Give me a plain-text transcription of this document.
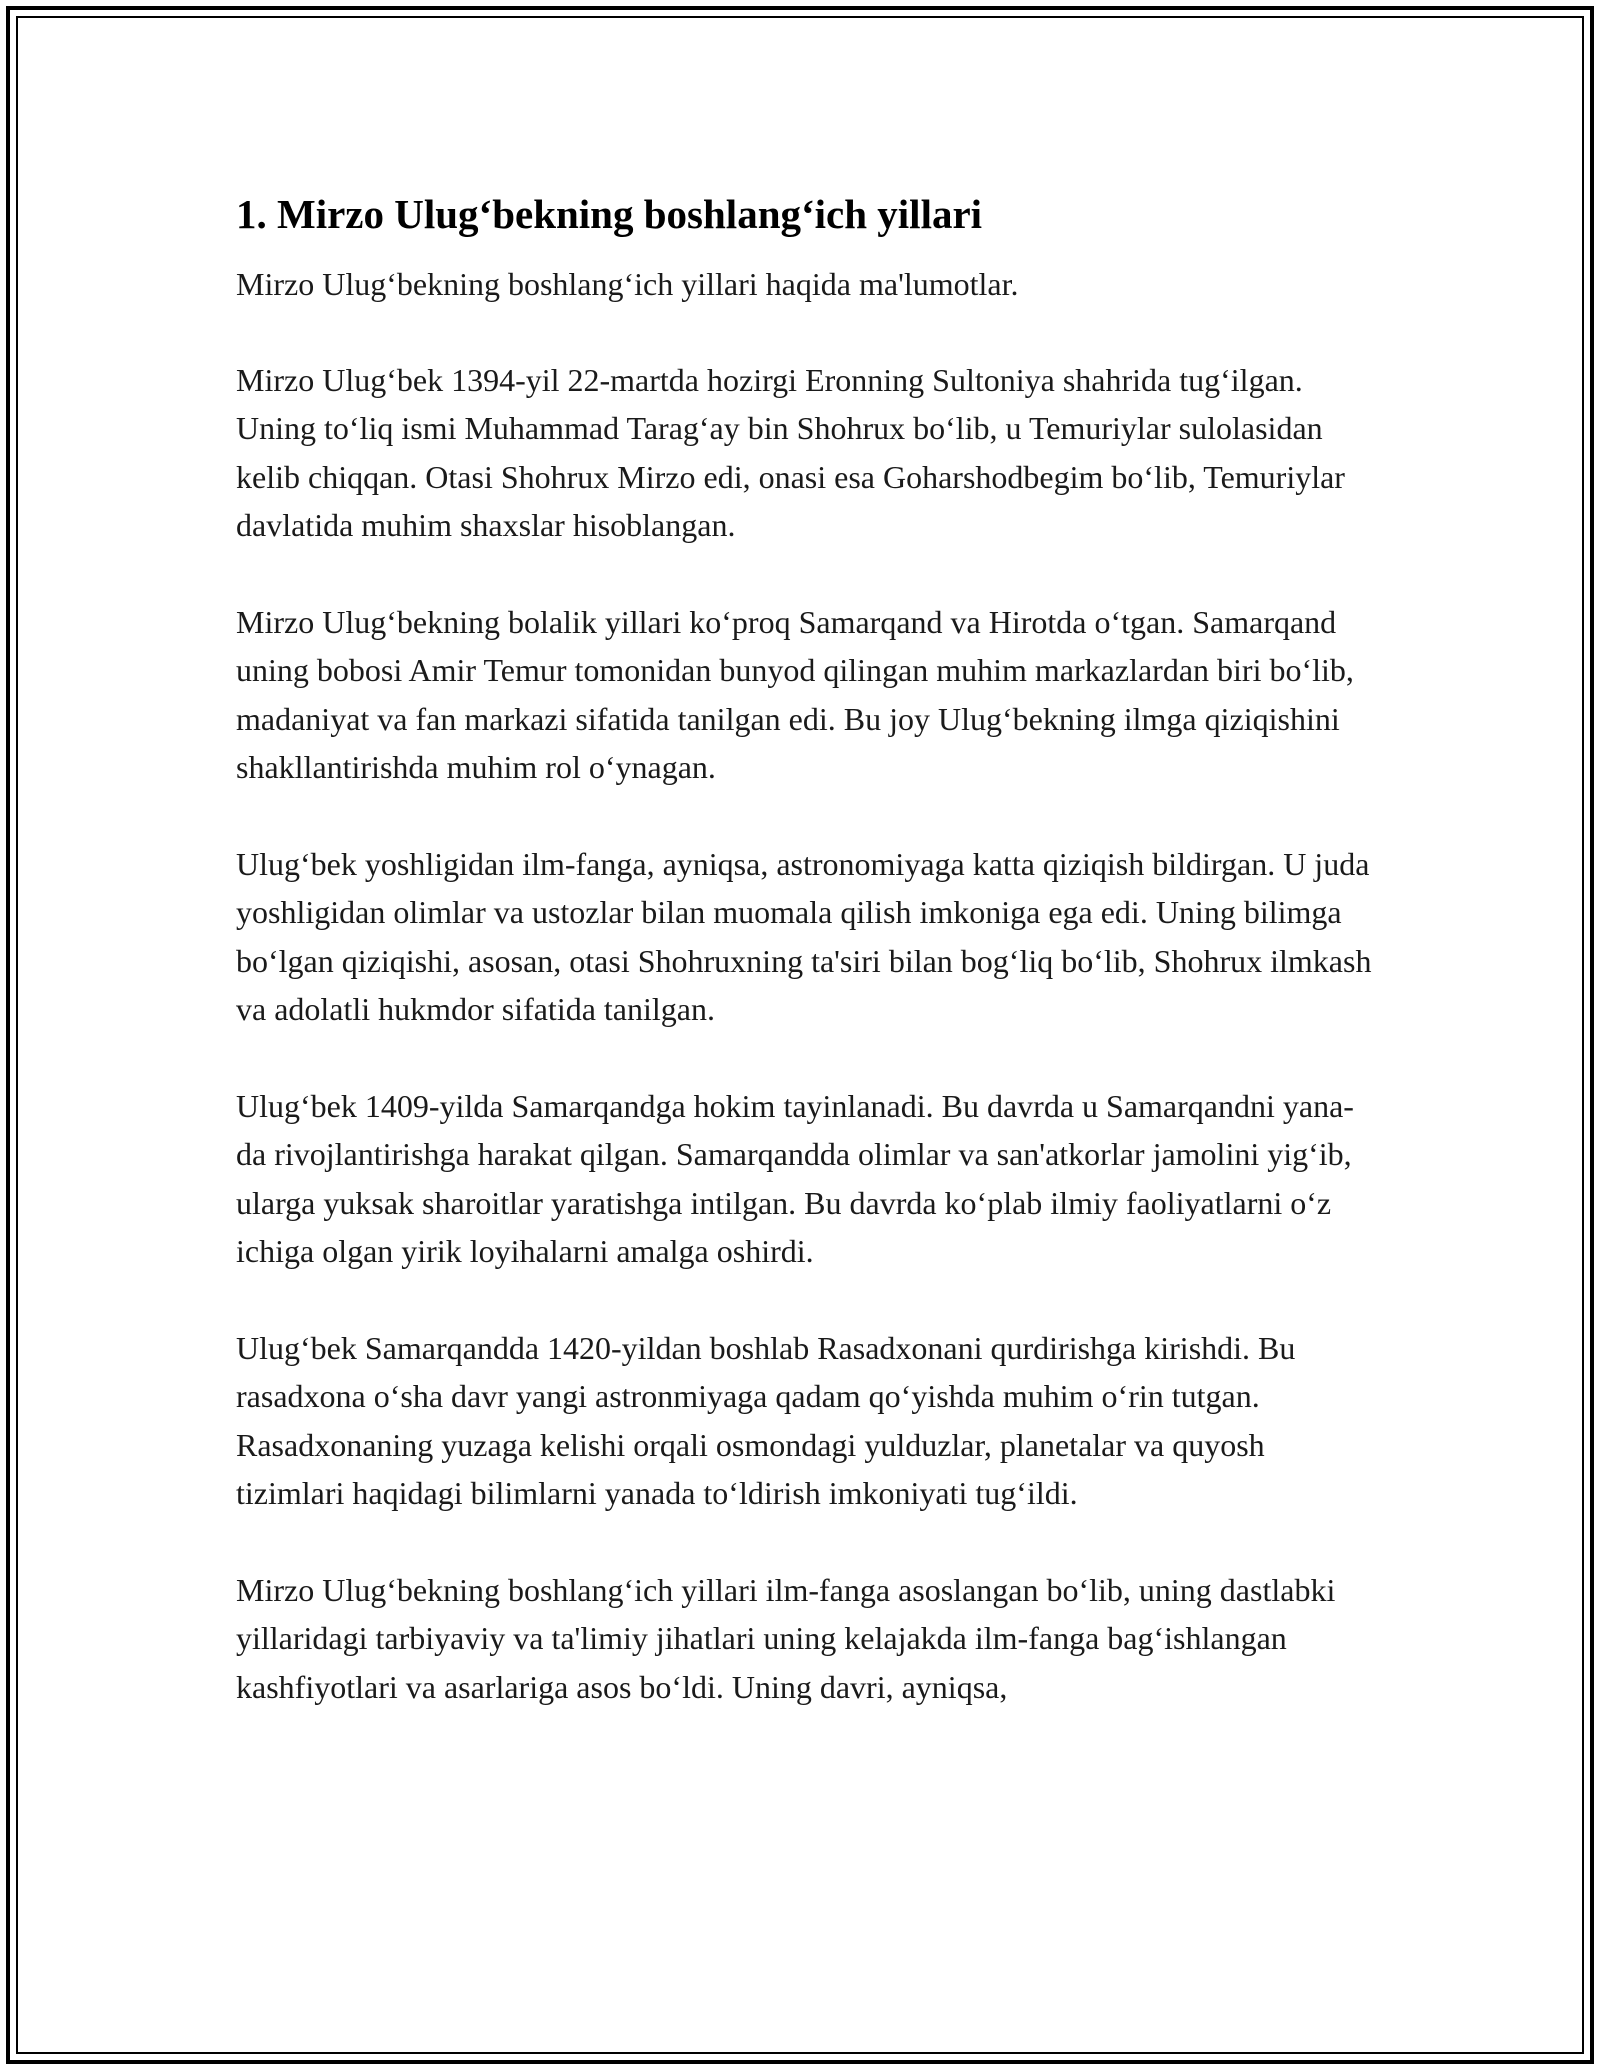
1. Mirzo Ulug‘bekning boshlang‘ich yillari

Mirzo Ulug‘bekning boshlang‘ich yillari haqida ma'lumotlar.

Mirzo Ulug‘bek 1394-yil 22-martda hozirgi Eronning Sultoniya shahrida tug‘ilgan. Uning to‘liq ismi Muhammad Tarag‘ay bin Shohrux bo‘lib, u Temuriylar sulolasidan kelib chiqqan. Otasi Shohrux Mirzo edi, onasi esa Goharshodbegim bo‘lib, Temuriylar davlatida muhim shaxslar hisoblangan.

Mirzo Ulug‘bekning bolalik yillari ko‘proq Samarqand va Hirotda o‘tgan. Samarqand uning bobosi Amir Temur tomonidan bunyod qilingan muhim markazlardan biri bo‘lib, madaniyat va fan markazi sifatida tanilgan edi. Bu joy Ulug‘bekning ilmga qiziqishini shakllantirishda muhim rol o‘ynagan.

Ulug‘bek yoshligidan ilm-fanga, ayniqsa, astronomiyaga katta qiziqish bildirgan. U juda yoshligidan olimlar va ustozlar bilan muomala qilish imkoniga ega edi. Uning bilimga bo‘lgan qiziqishi, asosan, otasi Shohruxning ta'siri bilan bog‘liq bo‘lib, Shohrux ilmkash va adolatli hukmdor sifatida tanilgan.

Ulug‘bek 1409-yilda Samarqandga hokim tayinlanadi. Bu davrda u Samarqandni yana-da rivojlantirishga harakat qilgan. Samarqandda olimlar va san'atkorlar jamolini yig‘ib, ularga yuksak sharoitlar yaratishga intilgan. Bu davrda ko‘plab ilmiy faoliyatlarni o‘z ichiga olgan yirik loyihalarni amalga oshirdi.

Ulug‘bek Samarqandda 1420-yildan boshlab Rasadxonani qurdirishga kirishdi. Bu rasadxona o‘sha davr yangi astronmiyaga qadam qo‘yishda muhim o‘rin tutgan. Rasadxonaning yuzaga kelishi orqali osmondagi yulduzlar, planetalar va quyosh tizimlari haqidagi bilimlarni yanada to‘ldirish imkoniyati tug‘ildi.

Mirzo Ulug‘bekning boshlang‘ich yillari ilm-fanga asoslangan bo‘lib, uning dastlabki yillaridagi tarbiyaviy va ta'limiy jihatlari uning kelajakda ilm-fanga bag‘ishlangan kashfiyotlari va asarlariga asos bo‘ldi. Uning davri, ayniqsa,
